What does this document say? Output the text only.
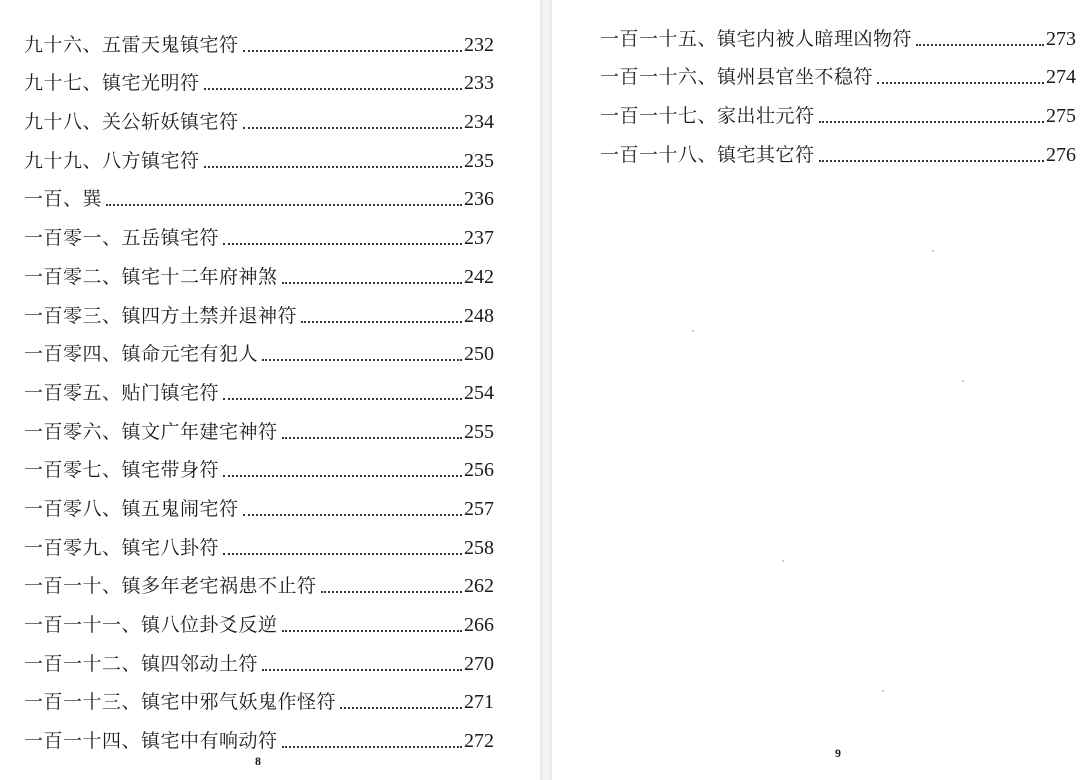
九十六、五雷天鬼镇宅符	232
九十七、镇宅光明符	233
九十八、关公斩妖镇宅符	234
九十九、八方镇宅符	235
一百、巽	236
一百零一、五岳镇宅符	237
一百零二、镇宅十二年府神煞	242
一百零三、镇四方土禁并退神符	248
一百零四、镇命元宅有犯人	250
一百零五、贴门镇宅符	254
一百零六、镇文广年建宅神符	255
一百零七、镇宅带身符	256
一百零八、镇五鬼闹宅符	257
一百零九、镇宅八卦符	258
一百一十、镇多年老宅祸患不止符	262
一百一十一、镇八位卦爻反逆	266
一百一十二、镇四邻动土符	270
一百一十三、镇宅中邪气妖鬼作怪符	271
一百一十四、镇宅中有响动符	272
8
一百一十五、镇宅内被人暗理凶物符	273
一百一十六、镇州县官坐不稳符	274
一百一十七、家出壮元符	275
一百一十八、镇宅其它符	276
9
